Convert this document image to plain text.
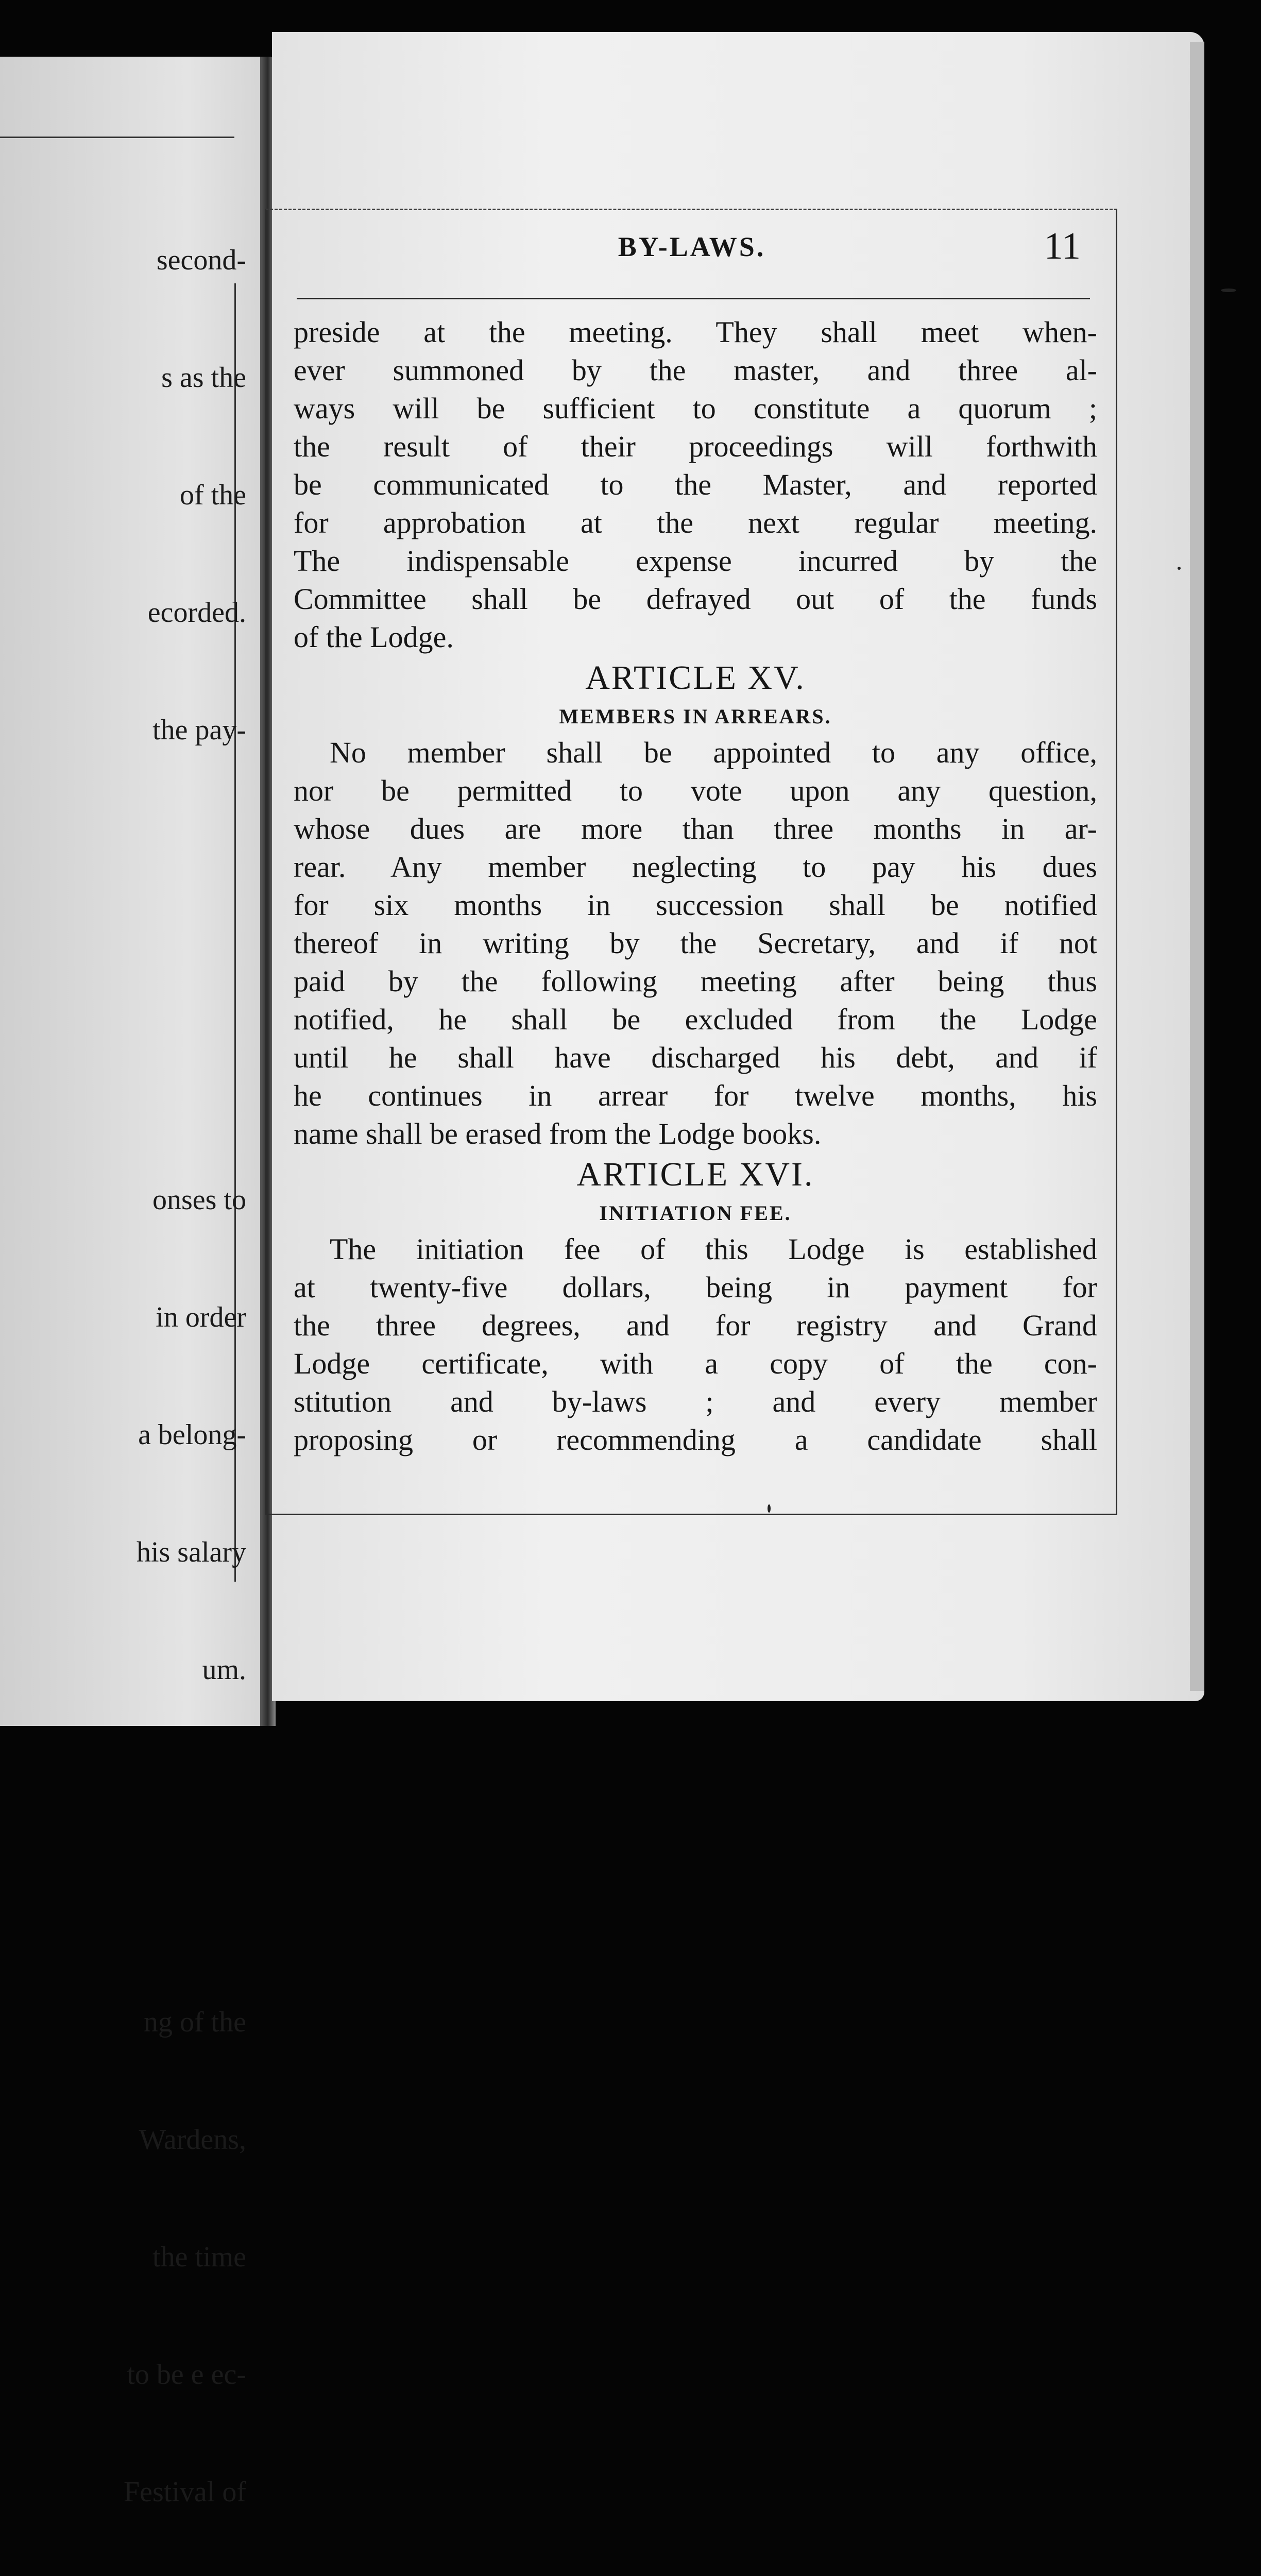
second-

s as the

of the

ecorded.

the pay-

onses to

in order

a belong-

his salary

um.

ng of the

Wardens,

the time

to be e ec-

Festival of

BY-LAWS.	11
preside at the meeting. They shall meet when-
ever summoned by the master, and three al-
ways will be sufficient to constitute a quorum ;
the result of their proceedings will forthwith
be communicated to the Master, and reported
for approbation at the next regular meeting.
The indispensable expense incurred by the
Committee shall be defrayed out of the funds
of the Lodge.
ARTICLE XV.
MEMBERS IN ARREARS.
No member shall be appointed to any office,
nor be permitted to vote upon any question,
whose dues are more than three months in ar-
rear. Any member neglecting to pay his dues
for six months in succession shall be notified
thereof in writing by the Secretary, and if not
paid by the following meeting after being thus
notified, he shall be excluded from the Lodge
until he shall have discharged his debt, and if
he continues in arrear for twelve months, his
name shall be erased from the Lodge books.
ARTICLE XVI.
INITIATION FEE.
The initiation fee of this Lodge is established
at twenty-five dollars, being in payment for
the three degrees, and for registry and Grand
Lodge certificate, with a copy of the con-
stitution and by-laws ; and every member
proposing or recommending a candidate shall
